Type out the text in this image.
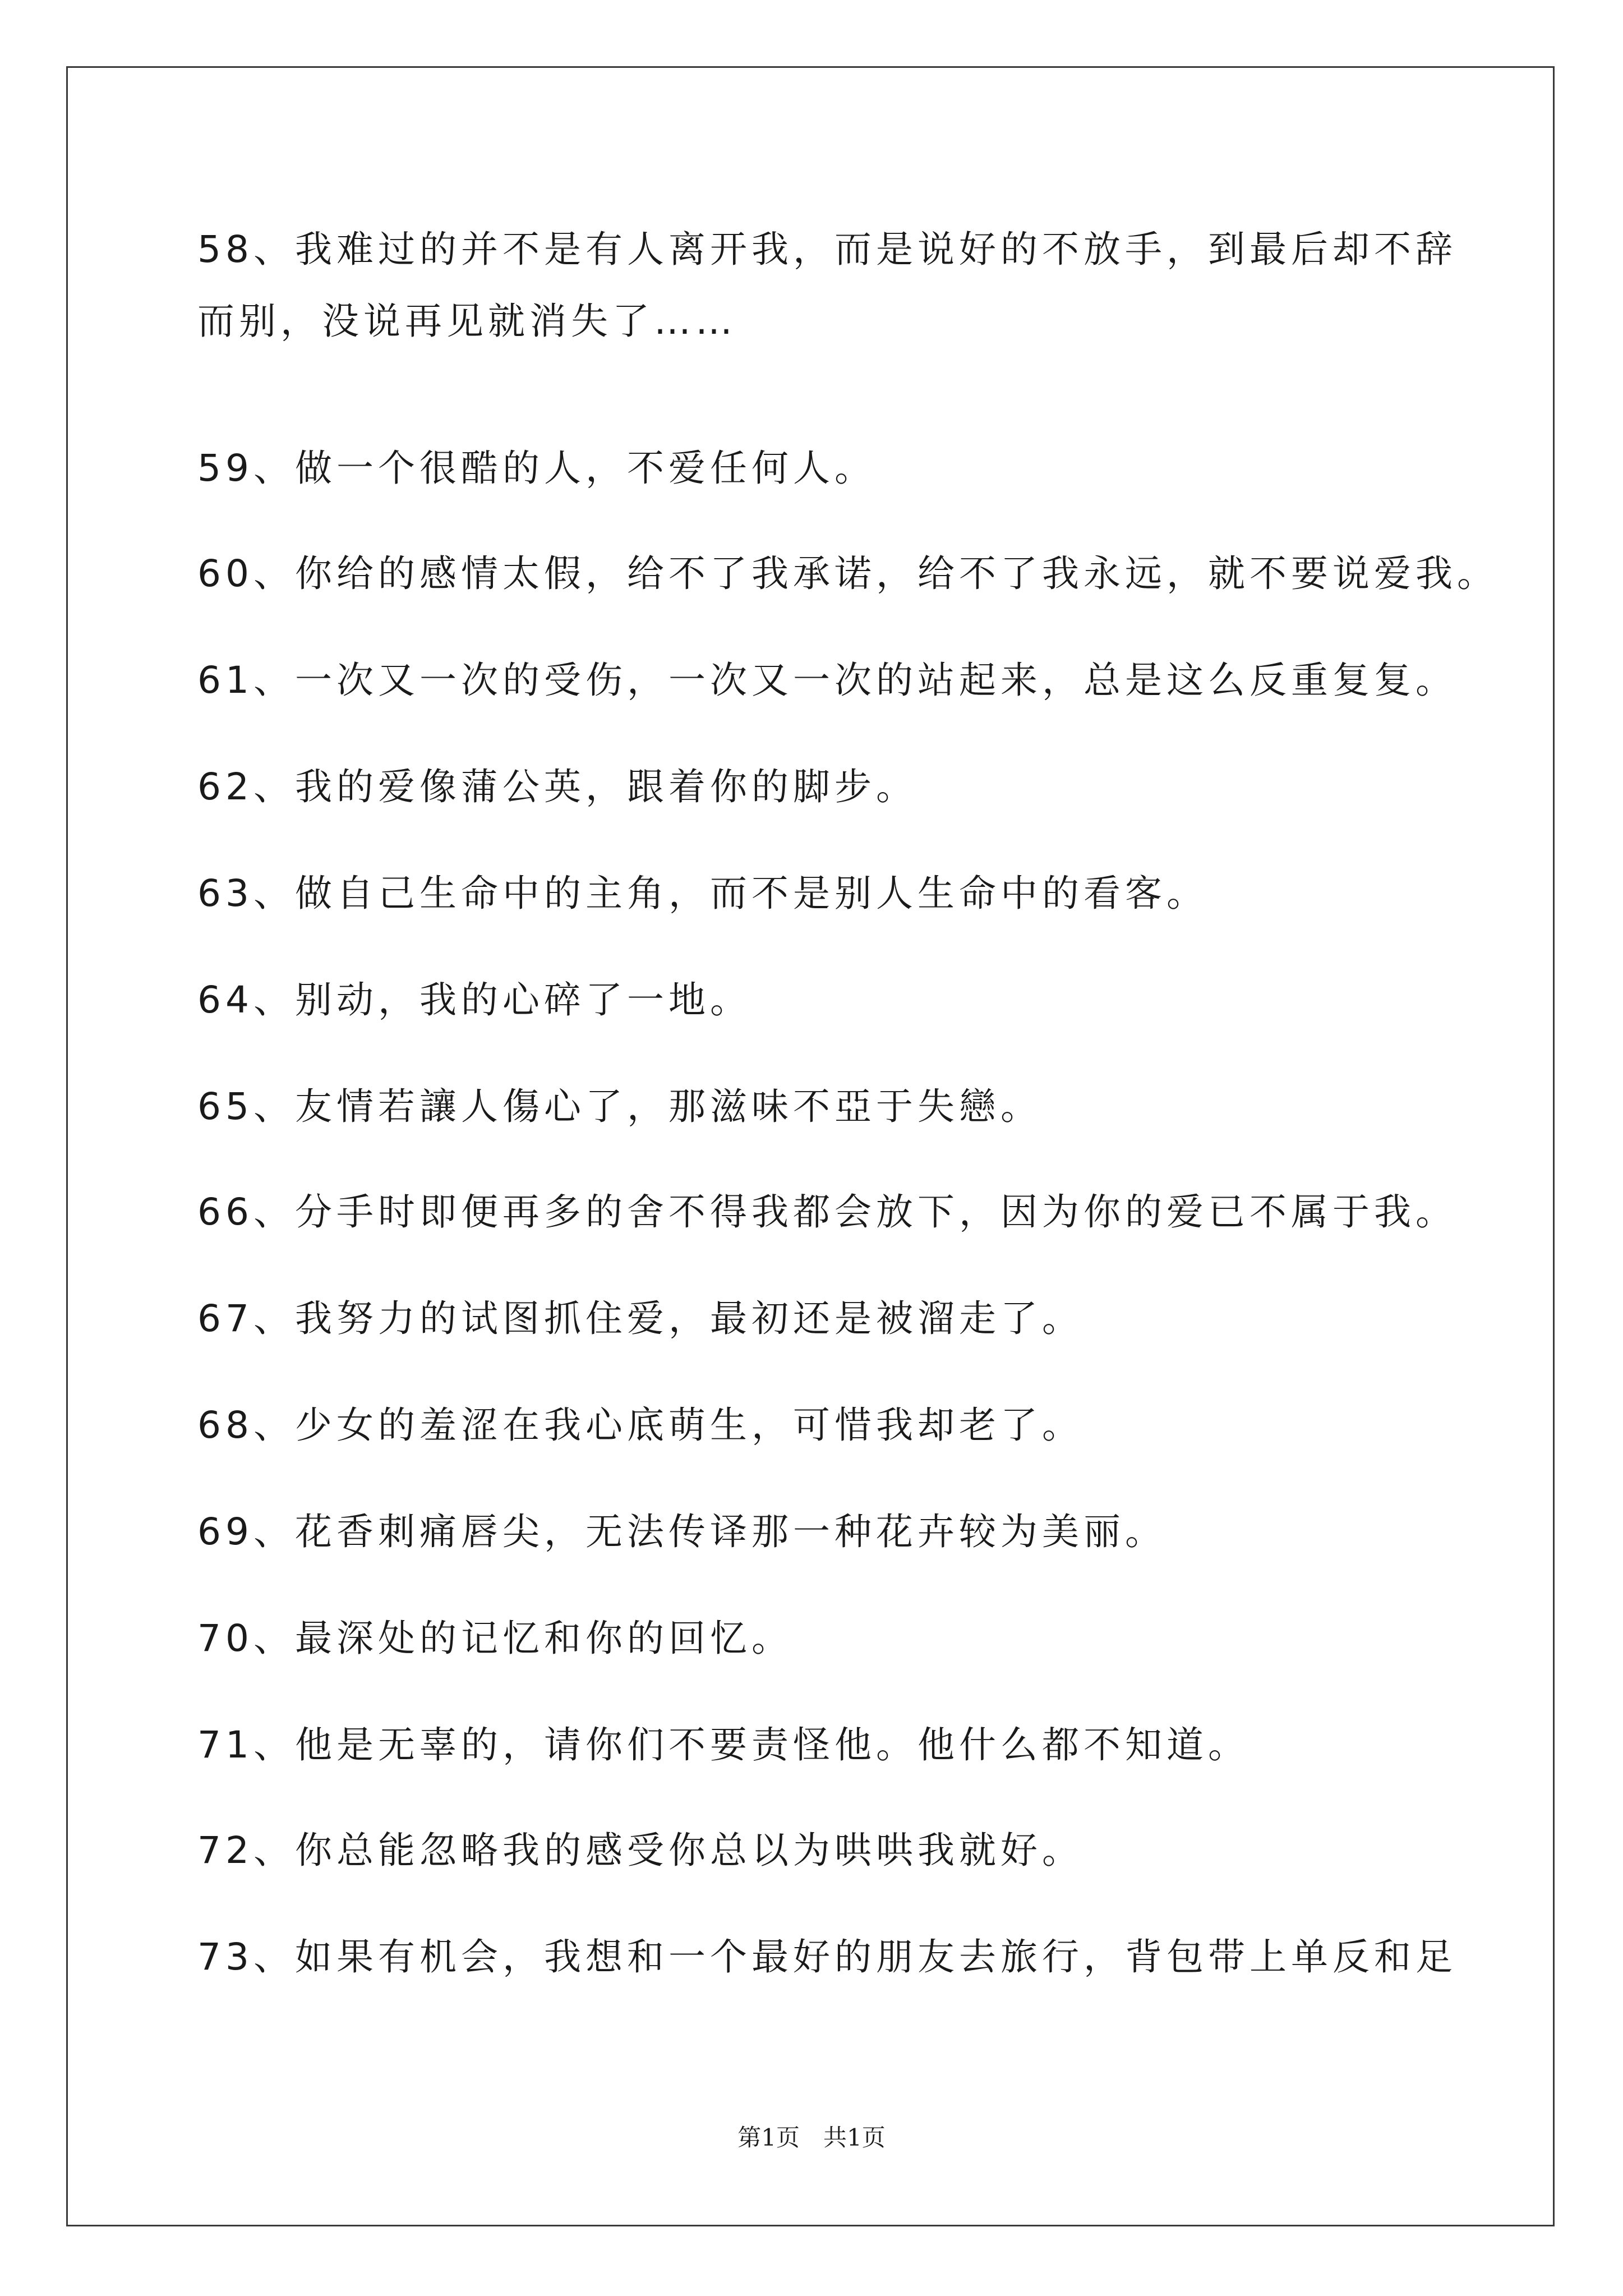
58、我难过的并不是有人离开我，而是说好的不放手，到最后却不辞
而别，没说再见就消失了……
59、做一个很酷的人，不爱任何人。
60、你给的感情太假，给不了我承诺，给不了我永远，就不要说爱我。
61、一次又一次的受伤，一次又一次的站起来，总是这么反重复复。
62、我的爱像蒲公英，跟着你的脚步。
63、做自己生命中的主角，而不是别人生命中的看客。
64、别动，我的心碎了一地。
65、友情若讓人傷心了，那滋味不亞于失戀。
66、分手时即便再多的舍不得我都会放下，因为你的爱已不属于我。
67、我努力的试图抓住爱，最初还是被溜走了。
68、少女的羞涩在我心底萌生，可惜我却老了。
69、花香刺痛唇尖，无法传译那一种花卉较为美丽。
70、最深处的记忆和你的回忆。
71、他是无辜的，请你们不要责怪他。他什么都不知道。
72、你总能忽略我的感受你总以为哄哄我就好。
73、如果有机会，我想和一个最好的朋友去旅行，背包带上单反和足
第1页　共1页
